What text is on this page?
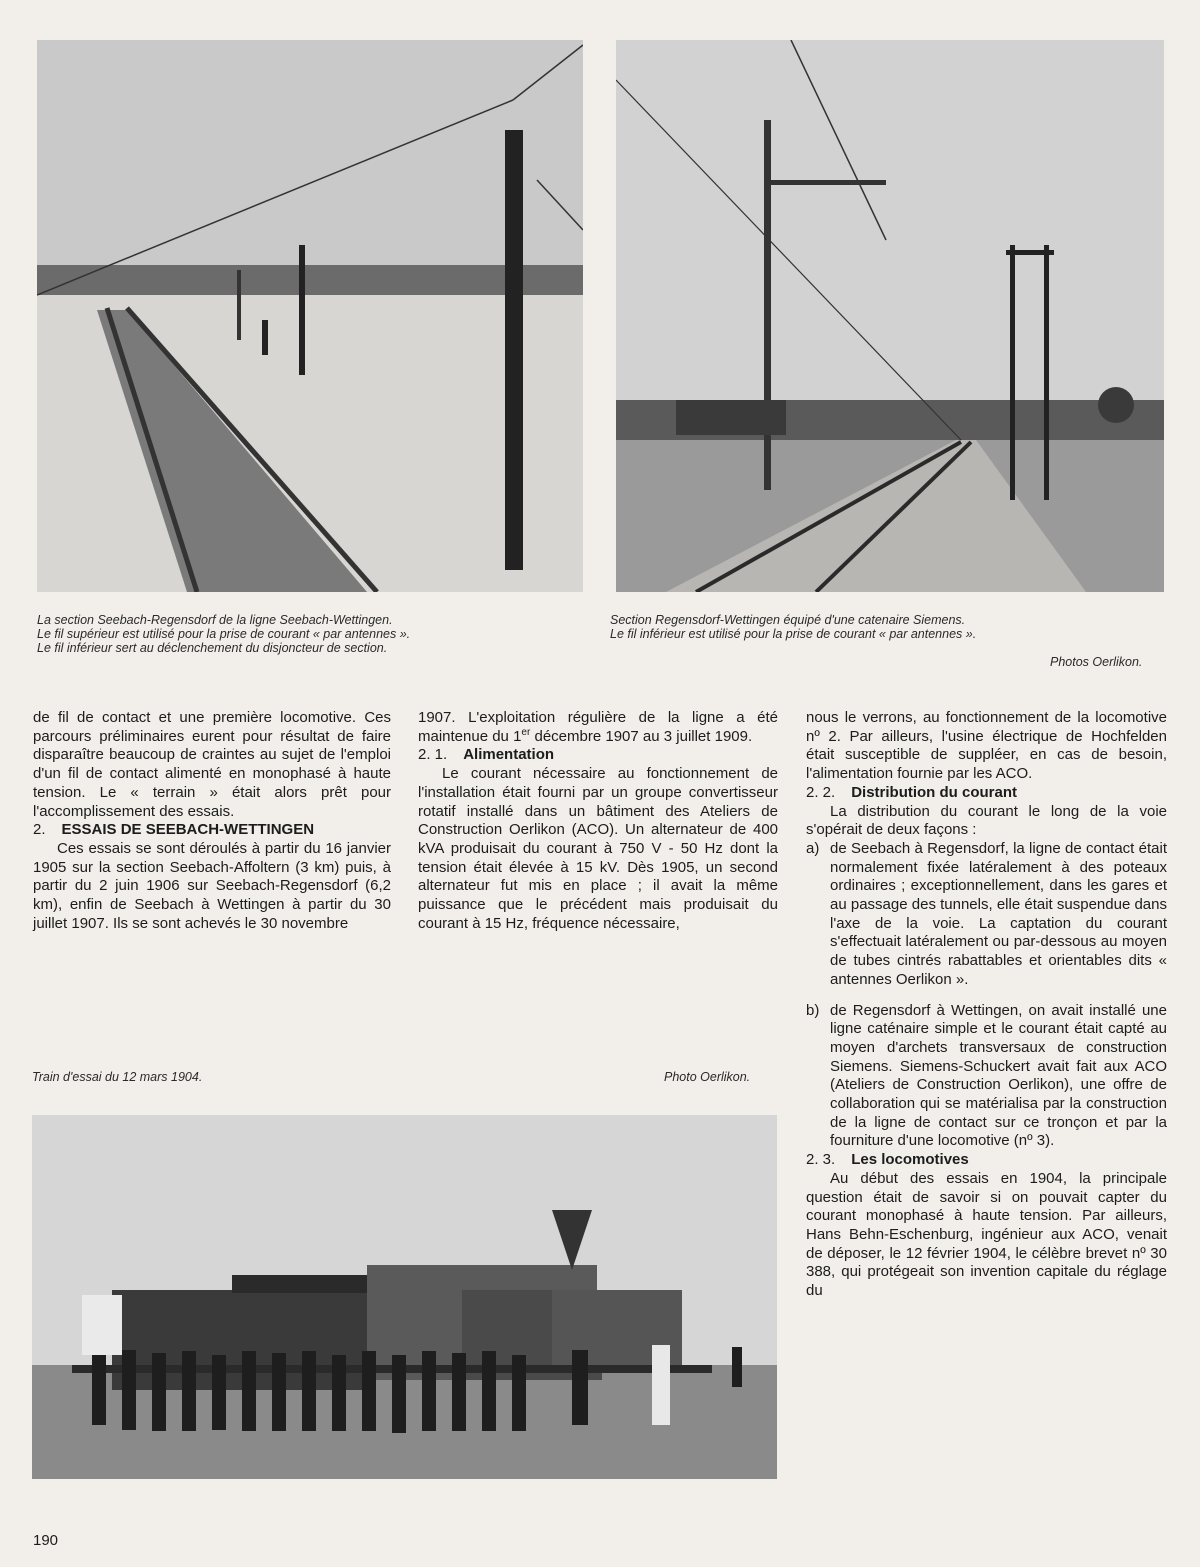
La section Seebach-Regensdorf de la ligne Seebach-Wettingen.
Le fil supérieur est utilisé pour la prise de courant « par antennes ».
Le fil inférieur sert au déclenchement du disjoncteur de section.
Section Regensdorf-Wettingen équipé d'une catenaire Siemens.
Le fil inférieur est utilisé pour la prise de courant « par antennes ».
Photos Oerlikon.

de fil de contact et une première locomotive. Ces parcours préliminaires eurent pour résultat de faire disparaître beaucoup de craintes au sujet de l'emploi d'un fil de contact alimenté en monophasé à haute tension. Le « terrain » était alors prêt pour l'accomplissement des essais.

2. ESSAIS DE SEEBACH-WETTINGEN

Ces essais se sont déroulés à partir du 16 janvier 1905 sur la section Seebach-Affoltern (3 km) puis, à partir du 2 juin 1906 sur Seebach-Regensdorf (6,2 km), enfin de Seebach à Wettingen à partir du 30 juillet 1907. Ils se sont achevés le 30 novembre

1907. L'exploitation régulière de la ligne a été maintenue du 1er décembre 1907 au 3 juillet 1909.

2. 1. Alimentation

Le courant nécessaire au fonctionnement de l'installation était fourni par un groupe convertisseur rotatif installé dans un bâtiment des Ateliers de Construction Oerlikon (ACO). Un alternateur de 400 kVA produisait du courant à 750 V - 50 Hz dont la tension était élevée à 15 kV. Dès 1905, un second alternateur fut mis en place ; il avait la même puissance que le précédent mais produisait du courant à 15 Hz, fréquence nécessaire,

nous le verrons, au fonctionnement de la locomotive nº 2. Par ailleurs, l'usine électrique de Hochfelden était susceptible de suppléer, en cas de besoin, l'alimentation fournie par les ACO.

2. 2. Distribution du courant

La distribution du courant le long de la voie s'opérait de deux façons :

a) de Seebach à Regensdorf, la ligne de contact était normalement fixée latéralement à des poteaux ordinaires ; exceptionnellement, dans les gares et au passage des tunnels, elle était suspendue dans l'axe de la voie. La captation du courant s'effectuait latéralement ou par-dessous au moyen de tubes cintrés rabattables et orientables dits « antennes Oerlikon ».
b) de Regensdorf à Wettingen, on avait installé une ligne caténaire simple et le courant était capté au moyen d'archets transversaux de construction Siemens. Siemens-Schuckert avait fait aux ACO (Ateliers de Construction Oerlikon), une offre de collaboration qui se matérialisa par la construction de la ligne de contact sur ce tronçon et par la fourniture d'une locomotive (nº 3).

2. 3. Les locomotives

Au début des essais en 1904, la principale question était de savoir si on pouvait capter du courant monophasé à haute tension. Par ailleurs, Hans Behn-Eschenburg, ingénieur aux ACO, venait de déposer, le 12 février 1904, le célèbre brevet nº 30 388, qui protégeait son invention capitale du réglage du

Train d'essai du 12 mars 1904.	Photo Oerlikon.
190
